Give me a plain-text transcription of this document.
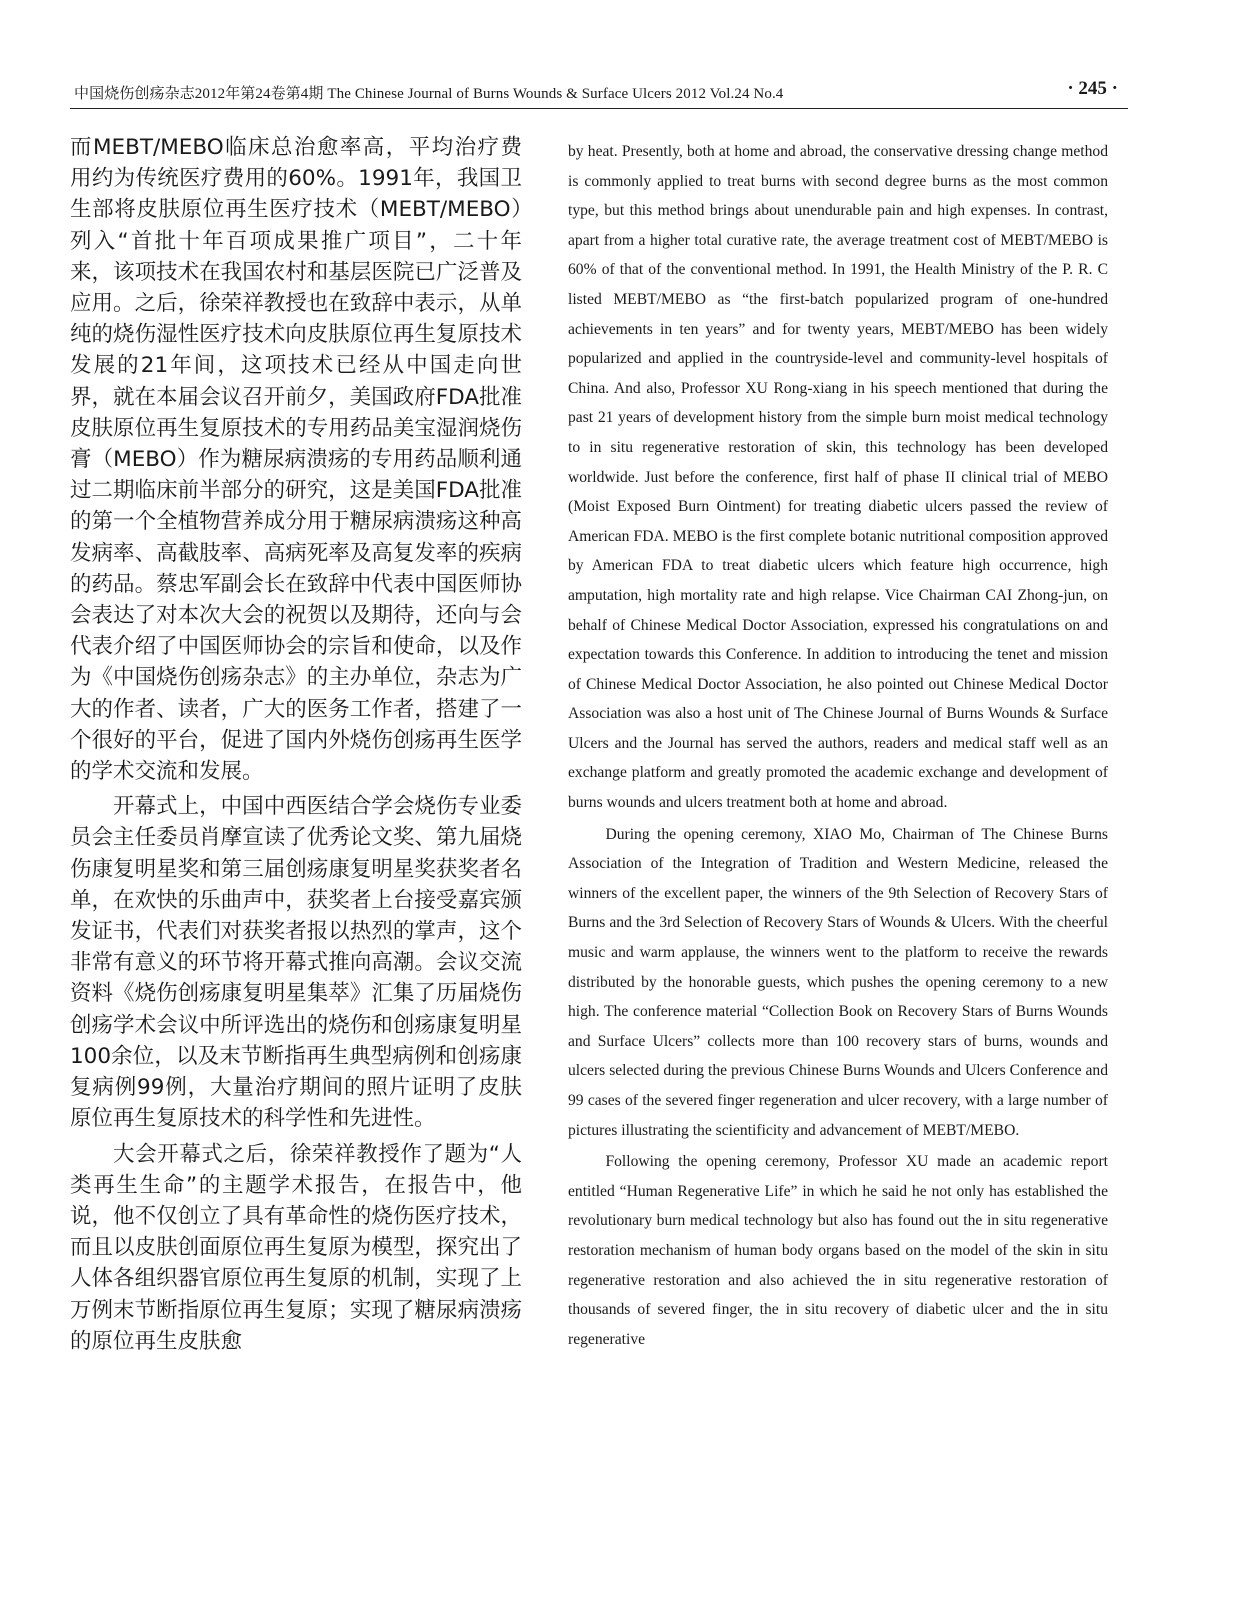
中国烧伤创疡杂志2012年第24卷第4期 The Chinese Journal of Burns Wounds & Surface Ulcers 2012 Vol.24 No.4	· 245 ·

而MEBT/MEBO临床总治愈率高，平均治疗费用约为传统医疗费用的60%。1991年，我国卫生部将皮肤原位再生医疗技术（MEBT/MEBO）列入“首批十年百项成果推广项目”，二十年来，该项技术在我国农村和基层医院已广泛普及应用。之后，徐荣祥教授也在致辞中表示，从单纯的烧伤湿性医疗技术向皮肤原位再生复原技术发展的21年间，这项技术已经从中国走向世界，就在本届会议召开前夕，美国政府FDA批准皮肤原位再生复原技术的专用药品美宝湿润烧伤膏（MEBO）作为糖尿病溃疡的专用药品顺利通过二期临床前半部分的研究，这是美国FDA批准的第一个全植物营养成分用于糖尿病溃疡这种高发病率、高截肢率、高病死率及高复发率的疾病的药品。蔡忠军副会长在致辞中代表中国医师协会表达了对本次大会的祝贺以及期待，还向与会代表介绍了中国医师协会的宗旨和使命，以及作为《中国烧伤创疡杂志》的主办单位，杂志为广大的作者、读者，广大的医务工作者，搭建了一个很好的平台，促进了国内外烧伤创疡再生医学的学术交流和发展。

开幕式上，中国中西医结合学会烧伤专业委员会主任委员肖摩宣读了优秀论文奖、第九届烧伤康复明星奖和第三届创疡康复明星奖获奖者名单，在欢快的乐曲声中，获奖者上台接受嘉宾颁发证书，代表们对获奖者报以热烈的掌声，这个非常有意义的环节将开幕式推向高潮。会议交流资料《烧伤创疡康复明星集萃》汇集了历届烧伤创疡学术会议中所评选出的烧伤和创疡康复明星100余位，以及末节断指再生典型病例和创疡康复病例99例，大量治疗期间的照片证明了皮肤原位再生复原技术的科学性和先进性。

大会开幕式之后，徐荣祥教授作了题为“人类再生生命”的主题学术报告，在报告中，他说，他不仅创立了具有革命性的烧伤医疗技术，而且以皮肤创面原位再生复原为模型，探究出了人体各组织器官原位再生复原的机制，实现了上万例末节断指原位再生复原；实现了糖尿病溃疡的原位再生皮肤愈

by heat. Presently, both at home and abroad, the conservative dressing change method is commonly applied to treat burns with second degree burns as the most common type, but this method brings about unendurable pain and high expenses. In contrast, apart from a higher total curative rate, the average treatment cost of MEBT/MEBO is 60% of that of the conventional method. In 1991, the Health Ministry of the P. R. C listed MEBT/MEBO as “the first-batch popularized program of one-hundred achievements in ten years” and for twenty years, MEBT/MEBO has been widely popularized and applied in the countryside-level and community-level hospitals of China. And also, Professor XU Rong-xiang in his speech mentioned that during the past 21 years of development history from the simple burn moist medical technology to in situ regenerative restoration of skin, this technology has been developed worldwide. Just before the conference, first half of phase II clinical trial of MEBO (Moist Exposed Burn Ointment) for treating diabetic ulcers passed the review of American FDA. MEBO is the first complete botanic nutritional composition approved by American FDA to treat diabetic ulcers which feature high occurrence, high amputation, high mortality rate and high relapse. Vice Chairman CAI Zhong-jun, on behalf of Chinese Medical Doctor Association, expressed his congratulations on and expectation towards this Conference. In addition to introducing the tenet and mission of Chinese Medical Doctor Association, he also pointed out Chinese Medical Doctor Association was also a host unit of The Chinese Journal of Burns Wounds & Surface Ulcers and the Journal has served the authors, readers and medical staff well as an exchange platform and greatly promoted the academic exchange and development of burns wounds and ulcers treatment both at home and abroad.

During the opening ceremony, XIAO Mo, Chairman of The Chinese Burns Association of the Integration of Tradition and Western Medicine, released the winners of the excellent paper, the winners of the 9th Selection of Recovery Stars of Burns and the 3rd Selection of Recovery Stars of Wounds & Ulcers. With the cheerful music and warm applause, the winners went to the platform to receive the rewards distributed by the honorable guests, which pushes the opening ceremony to a new high. The conference material “Collection Book on Recovery Stars of Burns Wounds and Surface Ulcers” collects more than 100 recovery stars of burns, wounds and ulcers selected during the previous Chinese Burns Wounds and Ulcers Conference and 99 cases of the severed finger regeneration and ulcer recovery, with a large number of pictures illustrating the scientificity and advancement of MEBT/MEBO.

Following the opening ceremony, Professor XU made an academic report entitled “Human Regenerative Life” in which he said he not only has established the revolutionary burn medical technology but also has found out the in situ regenerative restoration mechanism of human body organs based on the model of the skin in situ regenerative restoration and also achieved the in situ regenerative restoration of thousands of severed finger, the in situ recovery of diabetic ulcer and the in situ regenerative
